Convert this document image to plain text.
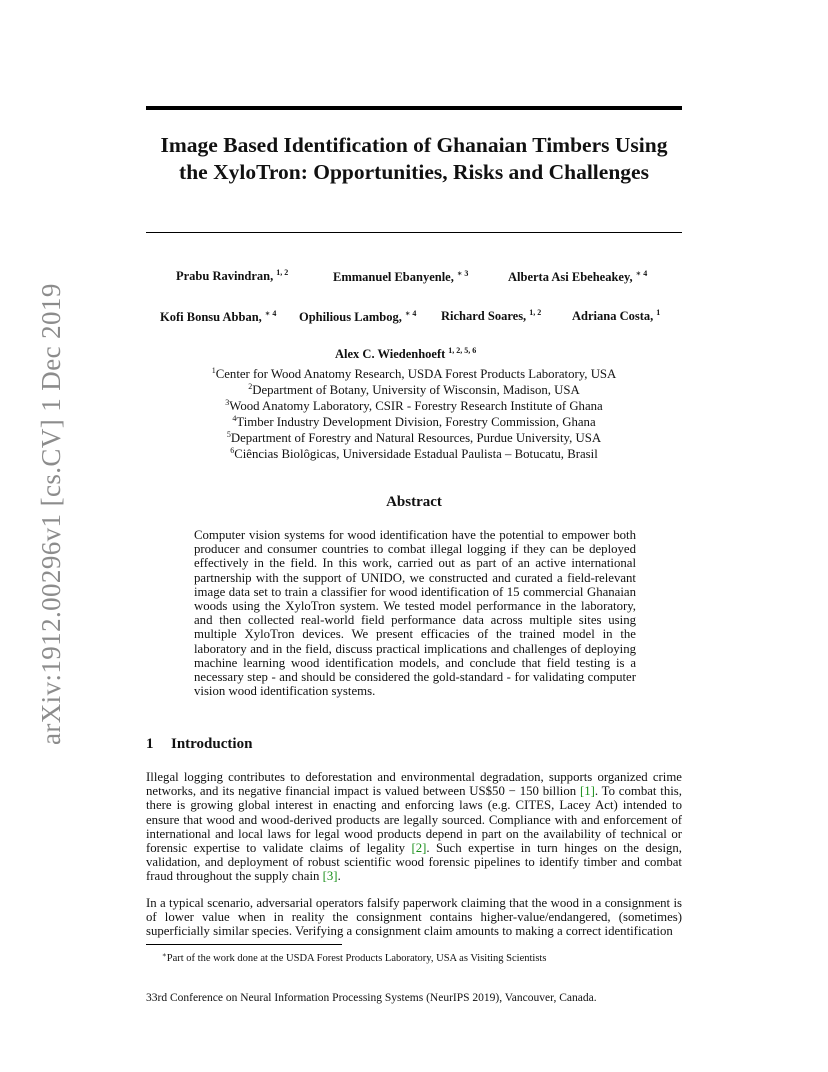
arXiv:1912.00296v1 [cs.CV] 1 Dec 2019
Image Based Identification of Ghanaian Timbers Using the XyloTron: Opportunities, Risks and Challenges
Prabu Ravindran, $^{1, 2}$	Emmanuel Ebanyenle, $^{∗ 3}$	Alberta Asi Ebeheakey, $^{∗ 4}$
Kofi Bonsu Abban, $^{∗ 4}$ Ophilious Lambog, $^{∗ 4}$ Richard Soares, $^{1, 2}$ Adriana Costa, $^1$
Alex C. Wiedenhoeft $^{1, 2, 5, 6}$
$^1$Center for Wood Anatomy Research, USDA Forest Products Laboratory, USA
$^2$Department of Botany, University of Wisconsin, Madison, USA
$^3$Wood Anatomy Laboratory, CSIR - Forestry Research Institute of Ghana
$^4$Timber Industry Development Division, Forestry Commission, Ghana
$^5$Department of Forestry and Natural Resources, Purdue University, USA
$^6$Ciências Biolôgicas, Universidade Estadual Paulista – Botucatu, Brasil
Abstract
Computer vision systems for wood identification have the potential to empower both producer and consumer countries to combat illegal logging if they can be deployed effectively in the field. In this work, carried out as part of an active international partnership with the support of UNIDO, we constructed and curated a field-relevant image data set to train a classifier for wood identification of 15 commercial Ghanaian woods using the XyloTron system. We tested model performance in the laboratory, and then collected real-world field performance data across multiple sites using multiple XyloTron devices. We present efficacies of the trained model in the laboratory and in the field, discuss practical implications and challenges of deploying machine learning wood identification models, and conclude that field testing is a necessary step - and should be considered the gold-standard - for validating computer vision wood identification systems.
1 Introduction
Illegal logging contributes to deforestation and environmental degradation, supports organized crime networks, and its negative financial impact is valued between US$50 − 150 billion [1]. To combat this, there is growing global interest in enacting and enforcing laws (e.g. CITES, Lacey Act) intended to ensure that wood and wood-derived products are legally sourced. Compliance with and enforcement of international and local laws for legal wood products depend in part on the availability of technical or forensic expertise to validate claims of legality [2]. Such expertise in turn hinges on the design, validation, and deployment of robust scientific wood forensic pipelines to identify timber and combat fraud throughout the supply chain [3].
In a typical scenario, adversarial operators falsify paperwork claiming that the wood in a consignment is of lower value when in reality the consignment contains higher-value/endangered, (sometimes) superficially similar species. Verifying a consignment claim amounts to making a correct identification
∗Part of the work done at the USDA Forest Products Laboratory, USA as Visiting Scientists
33rd Conference on Neural Information Processing Systems (NeurIPS 2019), Vancouver, Canada.
